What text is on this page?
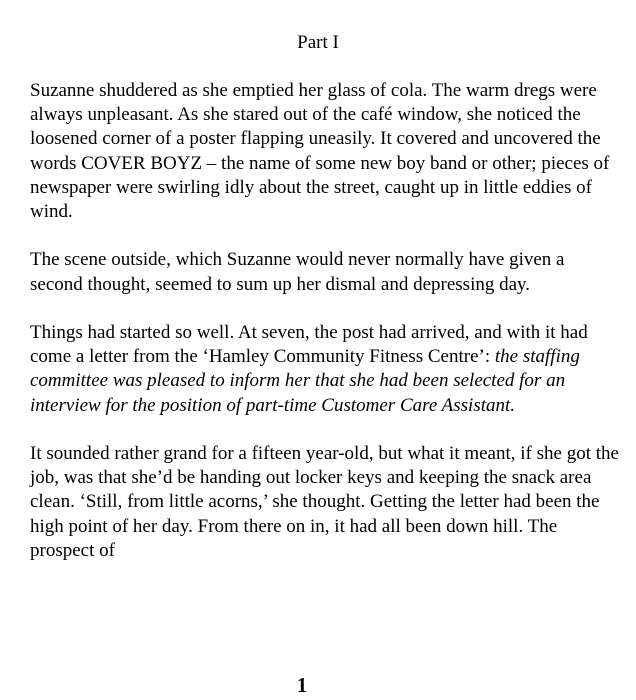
Part I

Suzanne shuddered as she emptied her glass of cola. The warm dregs were always unpleasant. As she stared out of the café window, she noticed the loosened corner of a poster flapping uneasily. It covered and uncovered the words COVER BOYZ – the name of some new boy band or other; pieces of newspaper were swirling idly about the street, caught up in little eddies of wind.

The scene outside, which Suzanne would never normally have given a second thought, seemed to sum up her dismal and depressing day.

Things had started so well. At seven, the post had arrived, and with it had come a letter from the ‘Hamley Community Fitness Centre’: the staffing committee was pleased to inform her that she had been selected for an interview for the position of part-time Customer Care Assistant.

It sounded rather grand for a fifteen year-old, but what it meant, if she got the job, was that she’d be handing out locker keys and keeping the snack area clean. ‘Still, from little acorns,’ she thought. Getting the letter had been the high point of her day. From there on in, it had all been down hill. The prospect of

1
